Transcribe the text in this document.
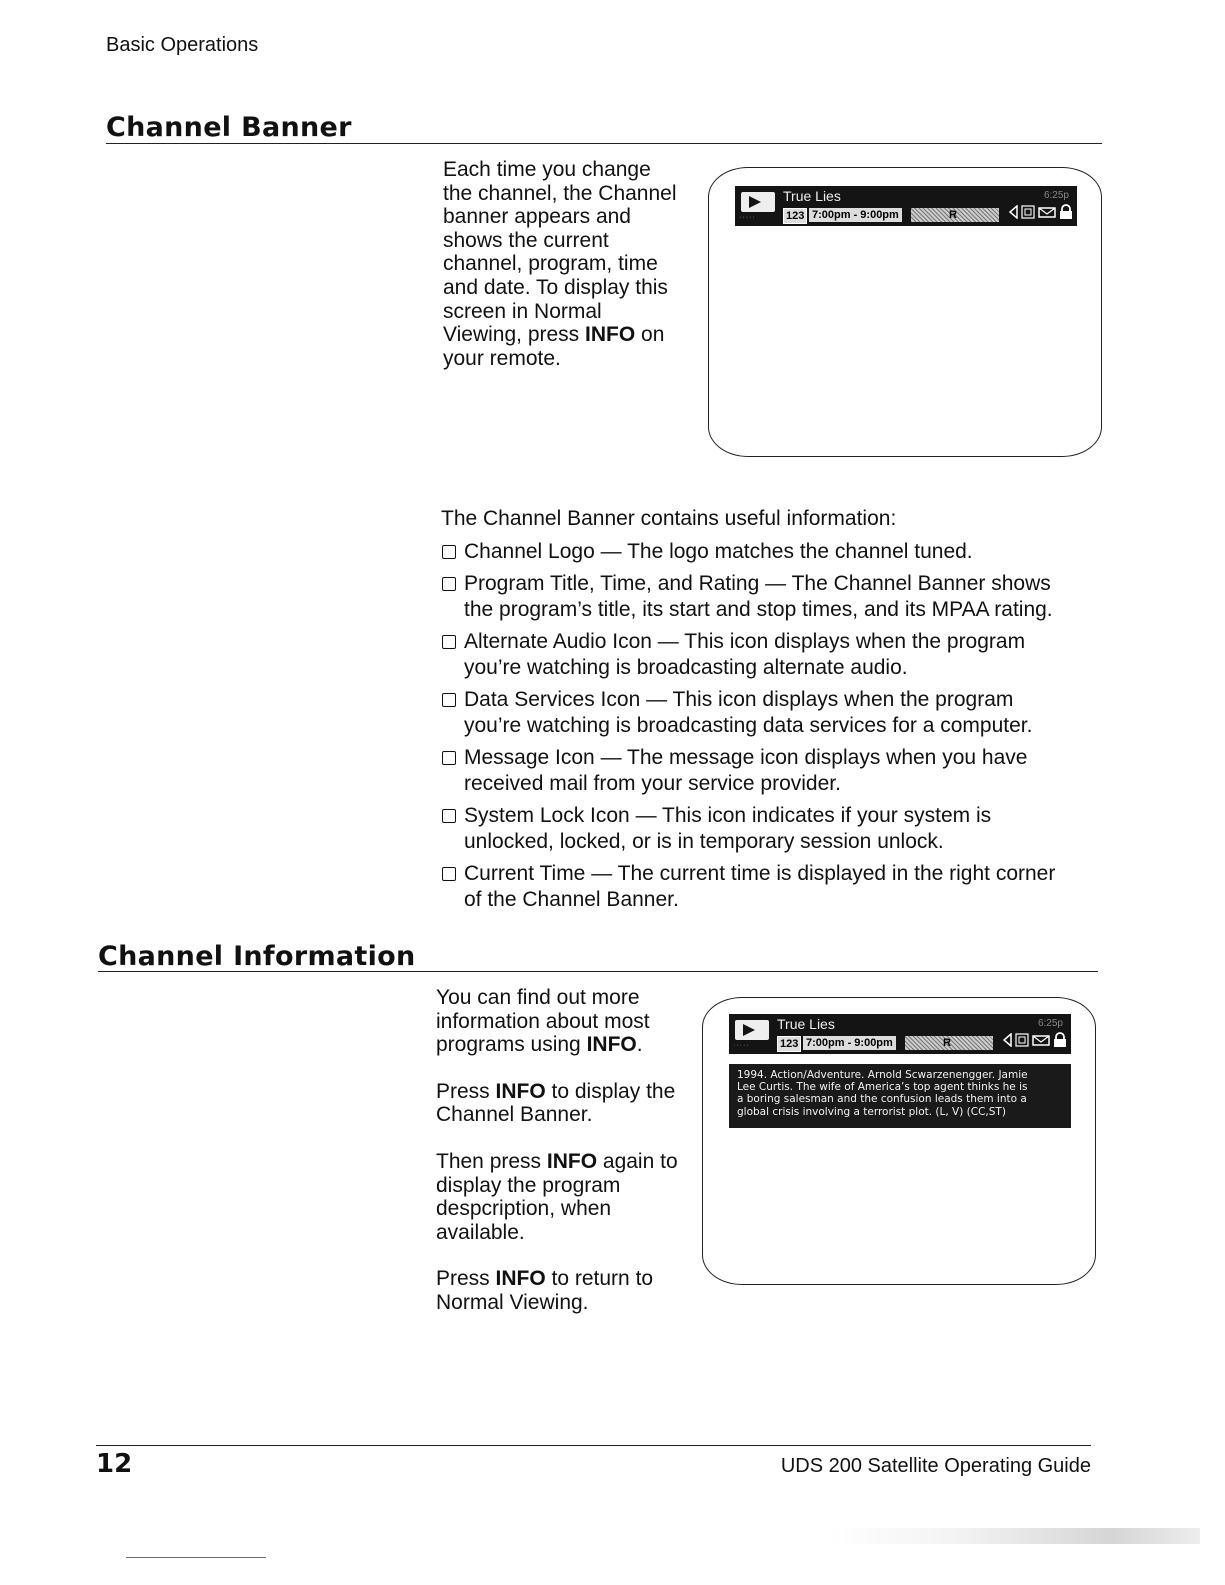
Basic Operations
Channel Banner

Each time you change
the channel, the Channel
banner appears and
shows the current
channel, program, time
and date. To display this
screen in Normal
Viewing, press INFO on
your remote.

·····
True Lies	6:25p
123 7:00pm - 9:00pm	R

The Channel Banner contains useful information:

Channel Logo — The logo matches the channel tuned.
Program Title, Time, and Rating — The Channel Banner shows
the program’s title, its start and stop times, and its MPAA rating.
Alternate Audio Icon — This icon displays when the program
you’re watching is broadcasting alternate audio.
Data Services Icon — This icon displays when the program
you’re watching is broadcasting data services for a computer.
Message Icon — The message icon displays when you have
received mail from your service provider.
System Lock Icon — This icon indicates if your system is
unlocked, locked, or is in temporary session unlock.
Current Time — The current time is displayed in the right corner
of the Channel Banner.
Channel Information

You can find out more
information about most
programs using INFO.

Press INFO to display the
Channel Banner.

Then press INFO again to
display the program
despcription, when
available.

Press INFO to return to
Normal Viewing.

·····
True Lies	6:25p
123 7:00pm - 9:00pm	R
1994. Action/Adventure. Arnold Scwarzenengger. Jamie
Lee Curtis. The wife of America’s top agent thinks he is
a boring salesman and the confusion leads them into a
global crisis involving a terrorist plot. (L, V) (CC,ST)
12	UDS 200 Satellite Operating Guide
